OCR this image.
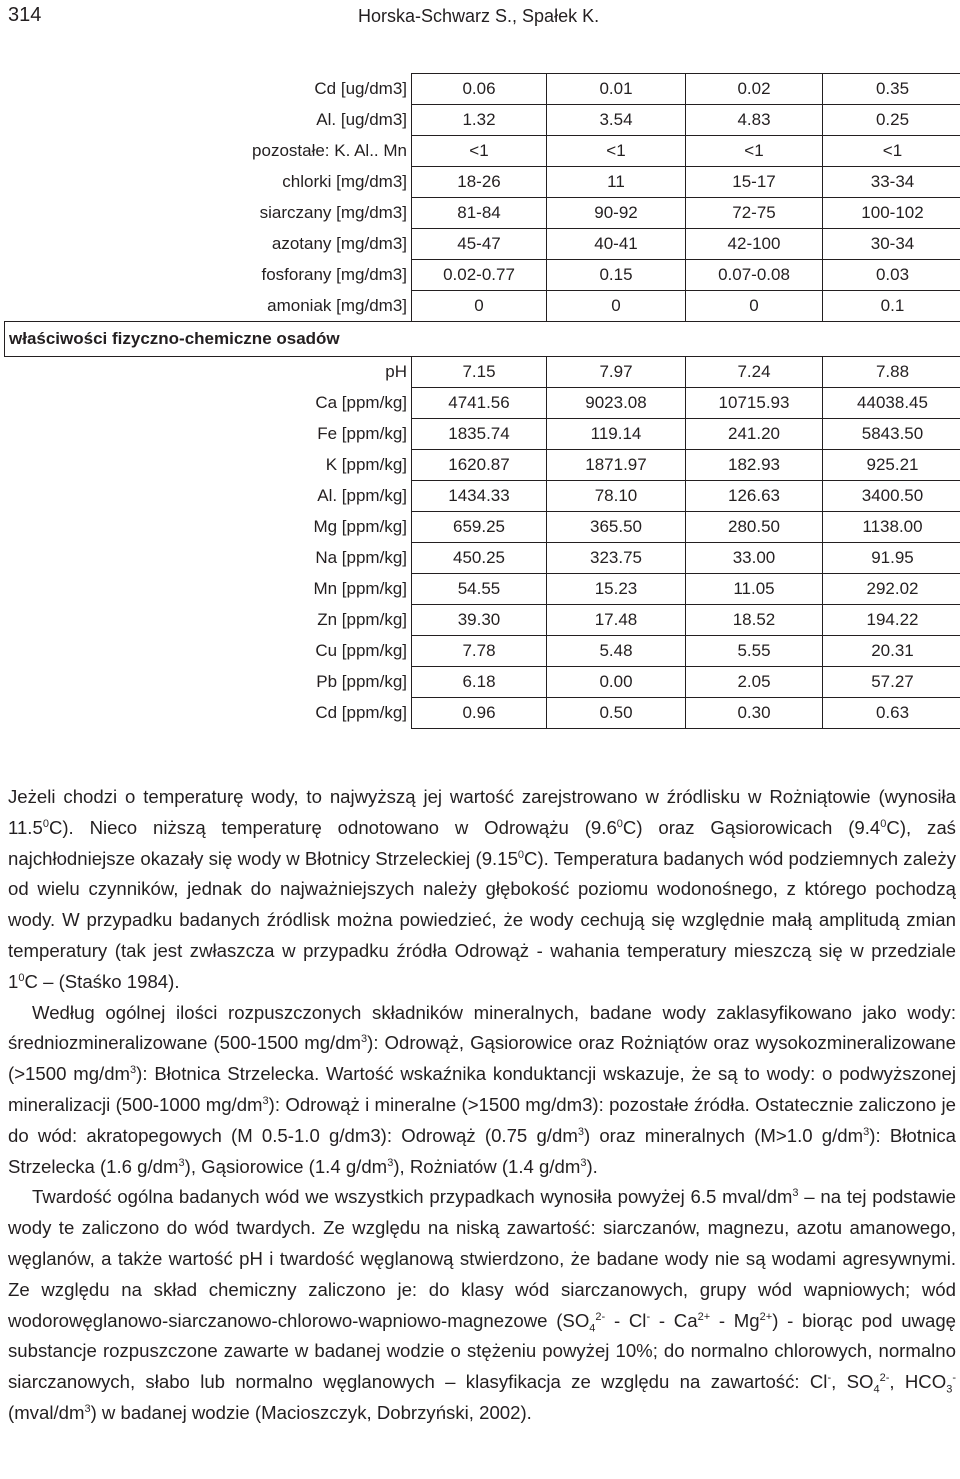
314	Horska-Schwarz S., Spałek K.
Cd [ug/dm3]	0.06	0.01	0.02	0.35
Al. [ug/dm3]	1.32	3.54	4.83	0.25
pozostałe: K. Al.. Mn	<1	<1	<1	<1
chlorki [mg/dm3]	18-26	11	15-17	33-34
siarczany [mg/dm3]	81-84	90-92	72-75	100-102
azotany [mg/dm3]	45-47	40-41	42-100	30-34
fosforany [mg/dm3]	0.02-0.77	0.15	0.07-0.08	0.03
amoniak [mg/dm3]	0	0	0	0.1
właściwości fizyczno-chemiczne osadów				
pH	7.15	7.97	7.24	7.88
Ca [ppm/kg]	4741.56	9023.08	10715.93	44038.45
Fe [ppm/kg]	1835.74	119.14	241.20	5843.50
K [ppm/kg]	1620.87	1871.97	182.93	925.21
Al. [ppm/kg]	1434.33	78.10	126.63	3400.50
Mg [ppm/kg]	659.25	365.50	280.50	1138.00
Na [ppm/kg]	450.25	323.75	33.00	91.95
Mn [ppm/kg]	54.55	15.23	11.05	292.02
Zn [ppm/kg]	39.30	17.48	18.52	194.22
Cu [ppm/kg]	7.78	5.48	5.55	20.31
Pb [ppm/kg]	6.18	0.00	2.05	57.27
Cd [ppm/kg]	0.96	0.50	0.30	0.63

Jeżeli chodzi o temperaturę wody, to najwyższą jej wartość zarejstrowano w źródlisku w Rożniątowie (wynosiła 11.5$^0$C). Nieco niższą temperaturę odnotowano w Odrowążu $(9.6^0C)$ oraz Gąsiorowicach $(9.4^0C)$, zaś najchłodniejsze okazały się wody w Błotnicy Strzeleckiej (9.15$^0$C). Temperatura badanych wód podziemnych zależy od wielu czynników, jednak do najważniejszych należy głębokość poziomu wodonośnego, z którego pochodzą wody. W przypadku badanych źródlisk można powiedzieć, że wody cechują się względnie małą amplitudą zmian temperatury (tak jest zwłaszcza w przypadku źródła Odrowąż - wahania temperatury mieszczą się w przedziale $1^0C$ – (Staśko 1984).

Według ogólnej ilości rozpuszczonych składników mineralnych, badane wody zaklasyfikowano jako wody: średniozmineralizowane (500-1500 $mg/dm^3$): Odrowąż, Gąsiorowice oraz Rożniątów oraz wysokozmineralizowane (>1500 $mg/dm^3$): Błotnica Strzelecka. Wartość wskaźnika konduktancji wskazuje, że są to wody: o podwyższonej mineralizacji (500-1000 $mg/dm^3$): Odrowąż i mineralne (>1500 mg/dm3): pozostałe źródła. Ostatecznie zaliczono je do wód: akratopegowych (M 0.5-1.0 g/dm3): Odrowąż (0.75 $g/dm^3$) oraz mineralnych (M>1.0 $g/dm^3$): Błotnica Strzelecka (1.6 $g/dm^3$), Gąsiorowice (1.4 $g/dm^3$), Rożniatów (1.4 $g/dm^3$).

Twardość ogólna badanych wód we wszystkich przypadkach wynosiła powyżej 6.5 mval/$dm^3$ – na tej podstawie wody te zaliczono do wód twardych. Ze względu na niską zawartość: siarczanów, magnezu, azotu amanowego, węglanów, a także wartość pH i twardość węglanową stwierdzono, że badane wody nie są wodami agresywnymi. Ze względu na skład chemiczny zaliczono je: do klasy wód siarczanowych, grupy wód wapniowych; wód wodorowęglanowo-siarczanowo-chlorowo-wapniowo-magnezowe $(SO_4^{2-} - Cl^- - Ca^{2+} - Mg^{2+})$ - biorąc pod uwagę substancje rozpuszczone zawarte w badanej wodzie o stężeniu powyżej 10%; do normalno chlorowych, normalno siarczanowych, słabo lub normalno węglanowych – klasyfikacja ze względu na zawartość: Cl-, $SO_4^{2-}$, $HCO_3^-$ $(mval/dm^3)$ w badanej wodzie (Macioszczyk, Dobrzyński, 2002).
